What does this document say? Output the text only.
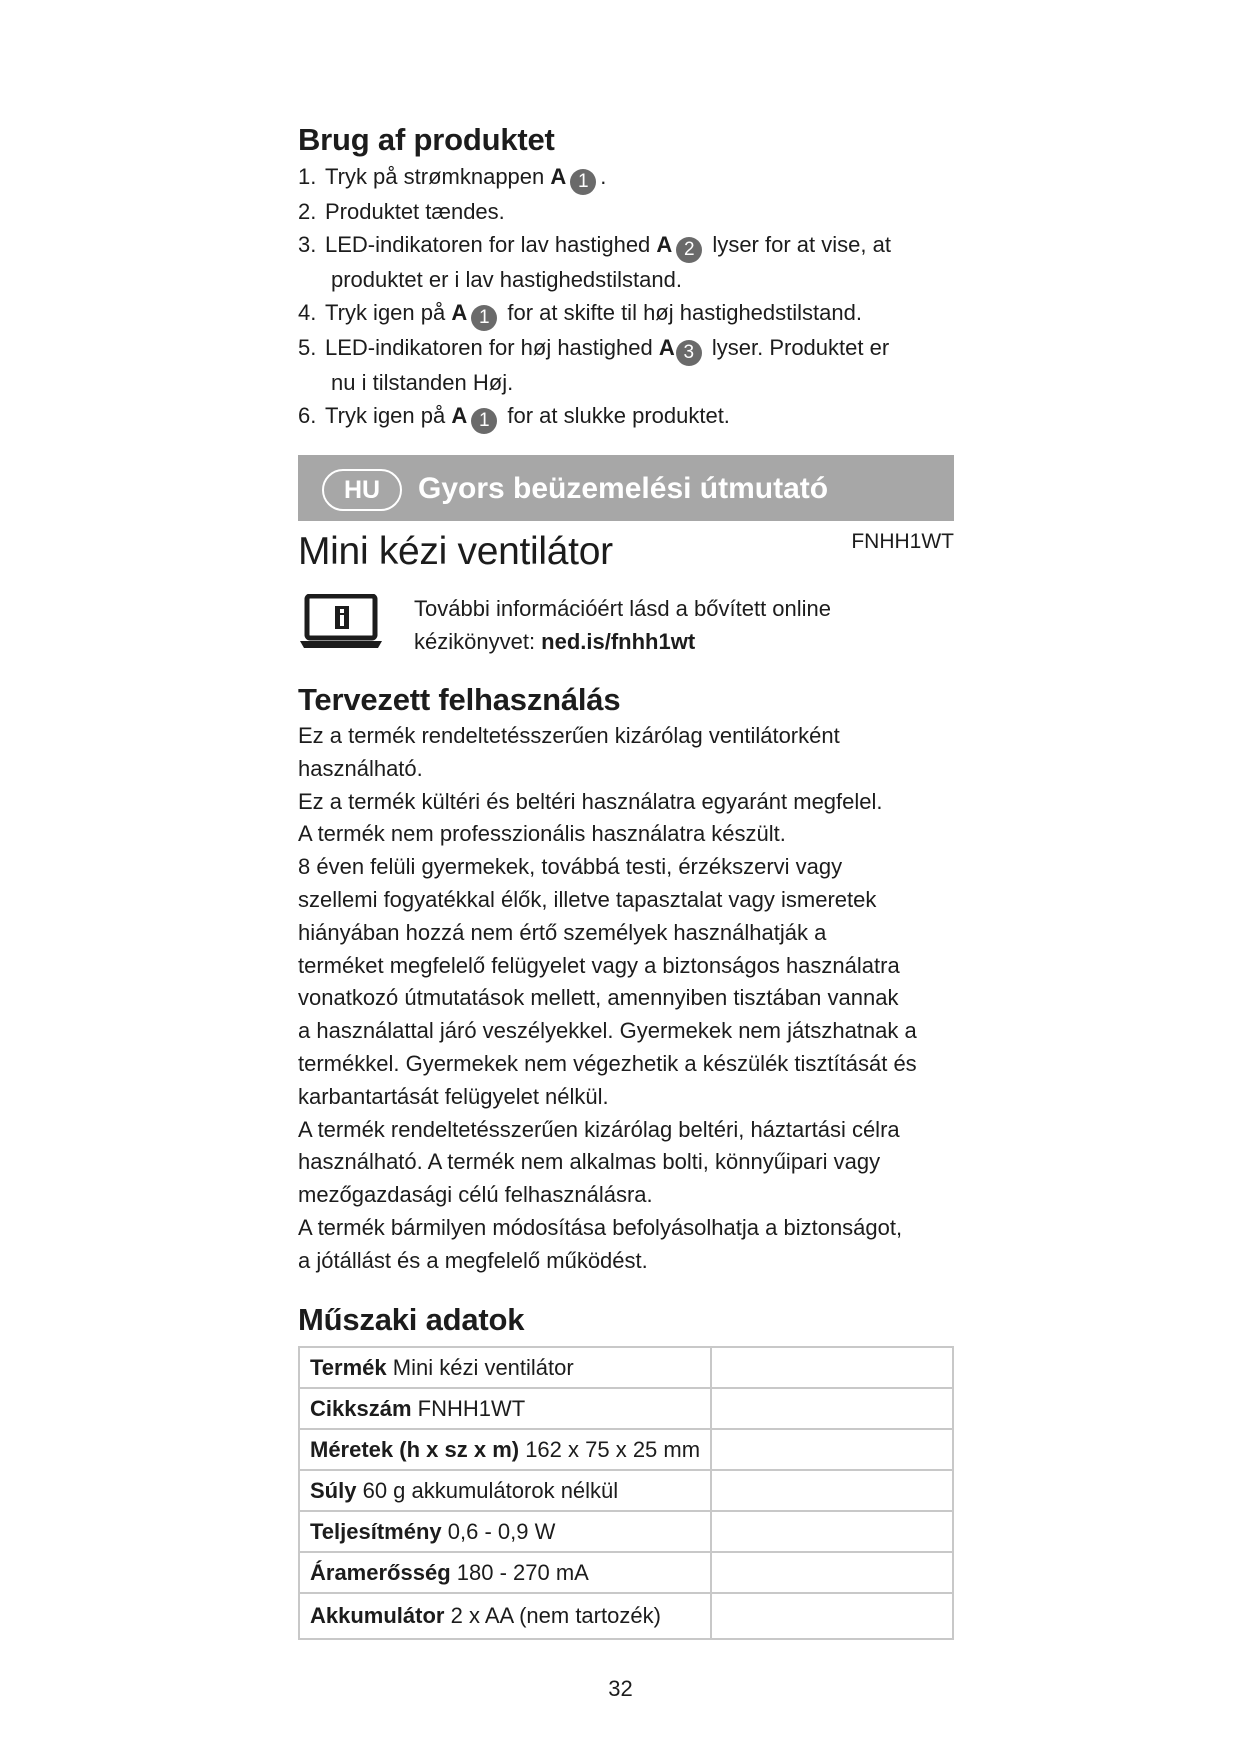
Brug af produktet
1. Tryk på strømknappen A 1 .
2. Produktet tændes.
3. LED-indikatoren for lav hastighed A 2 lyser for at vise, at
produktet er i lav hastighedstilstand.
4. Tryk igen på A 1 for at skifte til høj hastighedstilstand.
5. LED-indikatoren for høj hastighed A 3 lyser. Produktet er
nu i tilstanden Høj.
6. Tryk igen på A 1 for at slukke produktet.
HU	Gyors beüzemelési útmutató
Mini kézi ventilátor	FNHH1WT
További információért lásd a bővített online
kézikönyvet: ned.is/fnhh1wt
Tervezett felhasználás
Ez a termék rendeltetésszerűen kizárólag ventilátorként
használható.
Ez a termék kültéri és beltéri használatra egyaránt megfelel.
A termék nem professzionális használatra készült.
8 éven felüli gyermekek, továbbá testi, érzékszervi vagy
szellemi fogyatékkal élők, illetve tapasztalat vagy ismeretek
hiányában hozzá nem értő személyek használhatják a
terméket megfelelő felügyelet vagy a biztonságos használatra
vonatkozó útmutatások mellett, amennyiben tisztában vannak
a használattal járó veszélyekkel. Gyermekek nem játszhatnak a
termékkel. Gyermekek nem végezhetik a készülék tisztítását és
karbantartását felügyelet nélkül.
A termék rendeltetésszerűen kizárólag beltéri, háztartási célra
használható. A termék nem alkalmas bolti, könnyűipari vagy
mezőgazdasági célú felhasználásra.
A termék bármilyen módosítása befolyásolhatja a biztonságot,
a jótállást és a megfelelő működést.
Műszaki adatok
Termék Mini kézi ventilátor	
Cikkszám FNHH1WT	
Méretek (h x sz x m) 162 x 75 x 25 mm	
Súly 60 g akkumulátorok nélkül	
Teljesítmény 0,6 - 0,9 W	
Áramerősség 180 - 270 mA	
Akkumulátor 2 x AA (nem tartozék)	
32
